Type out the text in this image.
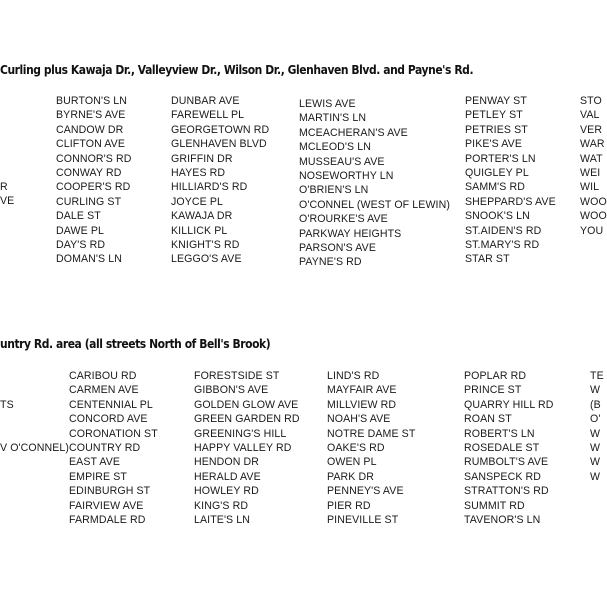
Curling plus Kawaja Dr., Valleyview Dr., Wilson Dr., Glenhaven Blvd. and Payne's Rd.
R
VE
BURTON'S LN
BYRNE'S AVE
CANDOW DR
CLIFTON AVE
CONNOR'S RD
CONWAY RD
COOPER'S RD
CURLING ST
DALE ST
DAWE PL
DAY'S RD
DOMAN'S LN
DUNBAR AVE
FAREWELL PL
GEORGETOWN RD
GLENHAVEN BLVD
GRIFFIN DR
HAYES RD
HILLIARD'S RD
JOYCE PL
KAWAJA DR
KILLICK PL
KNIGHT'S RD
LEGGO'S AVE
LEWIS AVE
MARTIN'S LN
MCEACHERAN'S AVE
MCLEOD'S LN
MUSSEAU'S AVE
NOSEWORTHY LN
O'BRIEN'S LN
O'CONNEL (WEST OF LEWIN)
O'ROURKE'S AVE
PARKWAY HEIGHTS
PARSON'S AVE
PAYNE'S RD
PENWAY ST
PETLEY ST
PETRIES ST
PIKE'S AVE
PORTER'S LN
QUIGLEY PL
SAMM'S RD
SHEPPARD'S AVE
SNOOK'S LN
ST.AIDEN'S RD
ST.MARY'S RD
STAR ST
STO
VAL
VER
WAR
WAT
WEI
WIL
WOO
WOO
YOU
untry Rd. area (all streets North of Bell's Brook)
TS
V O'CONNEL)
CARIBOU RD
CARMEN AVE
CENTENNIAL PL
CONCORD AVE
CORONATION ST
COUNTRY RD
EAST AVE
EMPIRE ST
EDINBURGH ST
FAIRVIEW AVE
FARMDALE RD
FORESTSIDE ST
GIBBON'S AVE
GOLDEN GLOW AVE
GREEN GARDEN RD
GREENING'S HILL
HAPPY VALLEY RD
HENDON DR
HERALD AVE
HOWLEY RD
KING'S RD
LAITE'S LN
LIND'S RD
MAYFAIR AVE
MILLVIEW RD
NOAH'S AVE
NOTRE DAME ST
OAKE'S RD
OWEN PL
PARK DR
PENNEY'S AVE
PIER RD
PINEVILLE ST
POPLAR RD
PRINCE ST
QUARRY HILL RD
ROAN ST
ROBERT'S LN
ROSEDALE ST
RUMBOLT'S AVE
SANSPECK RD
STRATTON'S RD
SUMMIT RD
TAVENOR'S LN
TE
W
(B
O'
W
W
W
W
